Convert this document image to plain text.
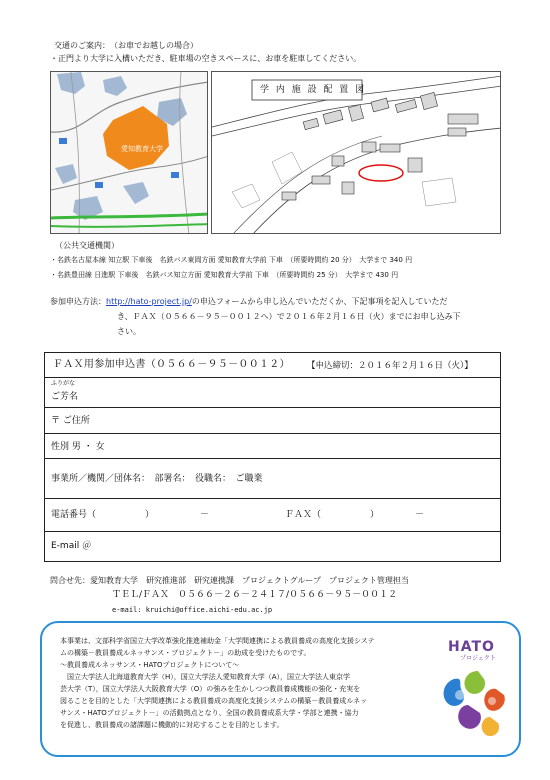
交通のご案内：　（お車でお越しの場合）
・正門より大学に入構いただき、駐車場の空きスペースに、お車を駐車してください。
愛知教育大学
学 内 施 設 配 置 図
（公共交通機関）
・名鉄名古屋本線 知立駅 下車後　名鉄バス東岡方面 愛知教育大学前 下車　（所要時間約 20 分）　大学まで 340 円
・名鉄豊田線 日進駅 下車後　名鉄バス知立方面 愛知教育大学前 下車　（所要時間約 25 分）　大学まで 430 円
参加申込方法：http://hato-project.jp/の申込フォームから申し込んでいただくか、下記事項を記入していただ
き、ＦＡＸ（０５６６－９５－００１２へ）で２０１６年２月１６日（火）までにお申し込み下
さい。
ＦＡＸ用参加申込書（０５６６－９５－００１２） 【申込締切：２０１６年２月１６日（火）】
ふりがな
ご芳名
〒 ご住所
性別 男 ・ 女
事業所／機関／団体名：　部署名：　役職名：　ご職業
電話番号（	）	－	ＦＡＸ（	）	－
E-mail ＠
問合せ先：愛知教育大学　研究推進部　研究連携課　プロジェクトグループ　プロジェクト管理担当
ＴＥＬ/ＦＡＸ　０５６６－２６－２４１７/０５６６－９５－００１２
e-mail: kruichi@office.aichi-edu.ac.jp

本事業は、文部科学省国立大学改革強化推進補助金「大学間連携による教員養成の高度化支援システ

ムの構築－教員養成ルネッサンス・プロジェクト－」の助成を受けたものです。

～教員養成ルネッサンス・HATOプロジェクトについて～

　国立大学法人北海道教育大学（H），国立大学法人愛知教育大学（A），国立大学法人東京学

芸大学（T），国立大学法人大阪教育大学（O）の強みを生かしつつ教員養成機能の強化・充実を

図ることを目的とした「大学間連携による教員養成の高度化支援システムの構築－教員養成ルネッ

サンス・HATOプロジェクト－」の活動拠点となり、全国の教員養成系大学・学部と連携・協力

を促進し、教員養成の諸課題に機動的に対応することを目的とします。

HATO
プロジェクト
